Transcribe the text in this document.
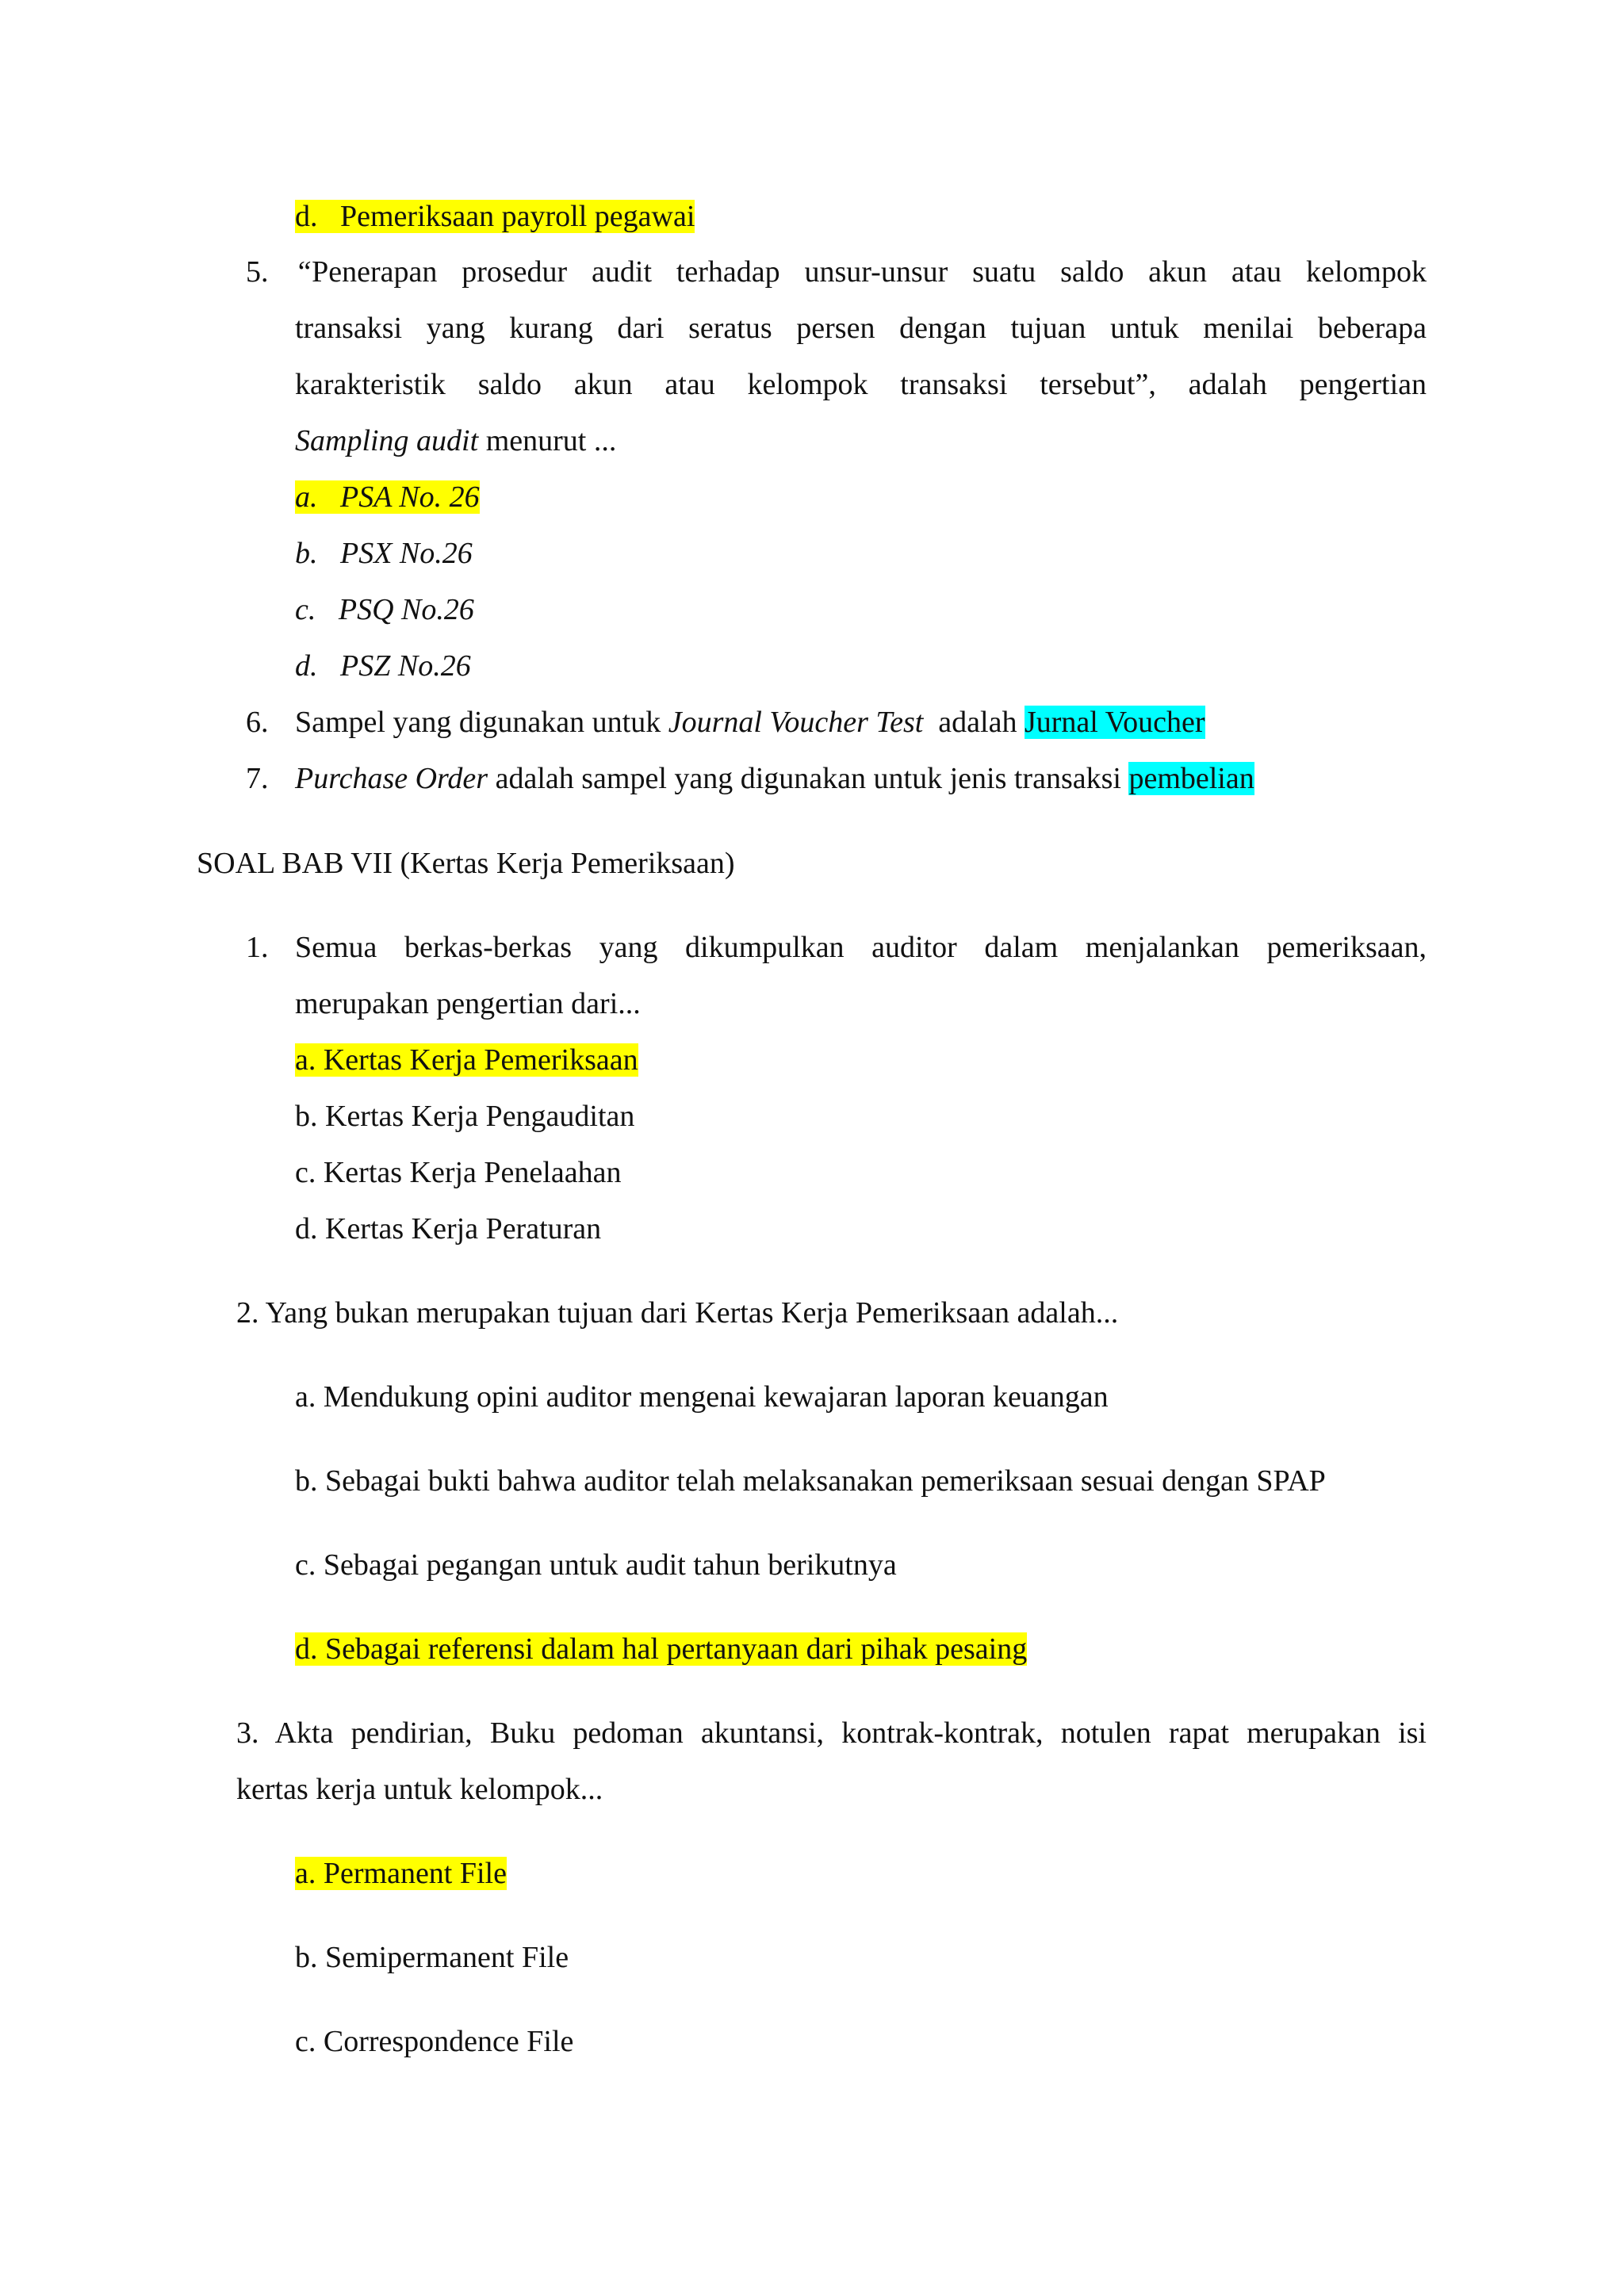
d. Pemeriksaan payroll pegawai
5. “Penerapan prosedur audit terhadap unsur-unsur suatu saldo akun atau kelompok
transaksi yang kurang dari seratus persen dengan tujuan untuk menilai beberapa
karakteristik saldo akun atau kelompok transaksi tersebut”, adalah pengertian
Sampling audit menurut ...
a. PSA No. 26
b. PSX No.26
c. PSQ No.26
d. PSZ No.26
6. Sampel yang digunakan untuk Journal Voucher Test  adalah Jurnal Voucher
7. Purchase Order adalah sampel yang digunakan untuk jenis transaksi pembelian
SOAL BAB VII (Kertas Kerja Pemeriksaan)
1. Semua berkas-berkas yang dikumpulkan auditor dalam menjalankan pemeriksaan,
merupakan pengertian dari...
a. Kertas Kerja Pemeriksaan
b. Kertas Kerja Pengauditan
c. Kertas Kerja Penelaahan
d. Kertas Kerja Peraturan
2. Yang bukan merupakan tujuan dari Kertas Kerja Pemeriksaan adalah...
a. Mendukung opini auditor mengenai kewajaran laporan keuangan
b. Sebagai bukti bahwa auditor telah melaksanakan pemeriksaan sesuai dengan SPAP
c. Sebagai pegangan untuk audit tahun berikutnya
d. Sebagai referensi dalam hal pertanyaan dari pihak pesaing
3. Akta pendirian, Buku pedoman akuntansi, kontrak-kontrak, notulen rapat merupakan isi
kertas kerja untuk kelompok...
a. Permanent File
b. Semipermanent File
c. Correspondence File
